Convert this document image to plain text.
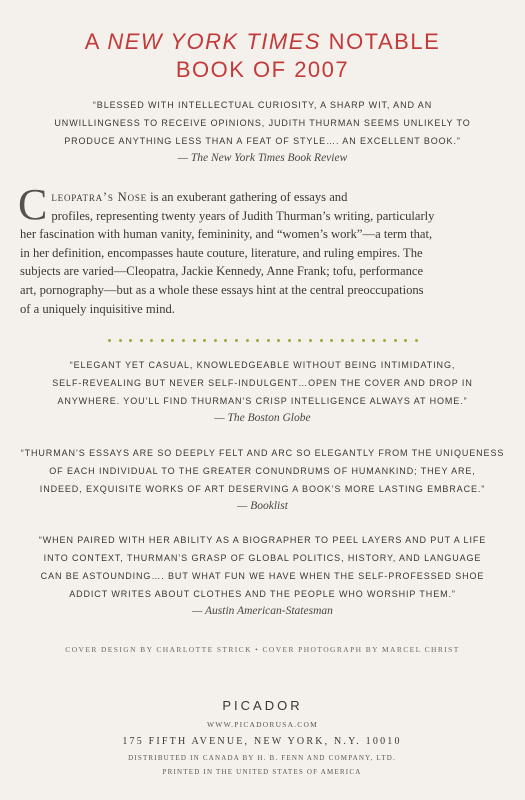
A NEW YORK TIMES NOTABLE
BOOK OF 2007
“BLESSED WITH INTELLECTUAL CURIOSITY, A SHARP WIT, AND AN
UNWILLINGNESS TO RECEIVE OPINIONS, JUDITH THURMAN SEEMS UNLIKELY TO
PRODUCE ANYTHING LESS THAN A FEAT OF STYLE…. AN EXCELLENT BOOK.”
— The New York Times Book Review
C leopatra’s Nose is an exuberant gathering of essays and
profiles, representing twenty years of Judith Thurman’s writing, particularly
her fascination with human vanity, femininity, and “women’s work”—a term that,
in her definition, encompasses haute couture, literature, and ruling empires. The
subjects are varied—Cleopatra, Jackie Kennedy, Anne Frank; tofu, performance
art, pornography—but as a whole these essays hint at the central preoccupations
of a uniquely inquisitive mind.
“ELEGANT YET CASUAL, KNOWLEDGEABLE WITHOUT BEING INTIMIDATING,
SELF-REVEALING BUT NEVER SELF-INDULGENT…OPEN THE COVER AND DROP IN
ANYWHERE. YOU’LL FIND THURMAN’S CRISP INTELLIGENCE ALWAYS AT HOME.”
— The Boston Globe
“THURMAN’S ESSAYS ARE SO DEEPLY FELT AND ARC SO ELEGANTLY FROM THE UNIQUENESS
OF EACH INDIVIDUAL TO THE GREATER CONUNDRUMS OF HUMANKIND; THEY ARE,
INDEED, EXQUISITE WORKS OF ART DESERVING A BOOK’S MORE LASTING EMBRACE.”
— Booklist
“WHEN PAIRED WITH HER ABILITY AS A BIOGRAPHER TO PEEL LAYERS AND PUT A LIFE
INTO CONTEXT, THURMAN’S GRASP OF GLOBAL POLITICS, HISTORY, AND LANGUAGE
CAN BE ASTOUNDING…. BUT WHAT FUN WE HAVE WHEN THE SELF-PROFESSED SHOE
ADDICT WRITES ABOUT CLOTHES AND THE PEOPLE WHO WORSHIP THEM.”
— Austin American-Statesman
COVER DESIGN BY CHARLOTTE STRICK • COVER PHOTOGRAPH BY MARCEL CHRIST
PICADOR
WWW.PICADORUSA.COM
175 FIFTH AVENUE, NEW YORK, N.Y. 10010
DISTRIBUTED IN CANADA BY H. B. FENN AND COMPANY, LTD.
PRINTED IN THE UNITED STATES OF AMERICA
